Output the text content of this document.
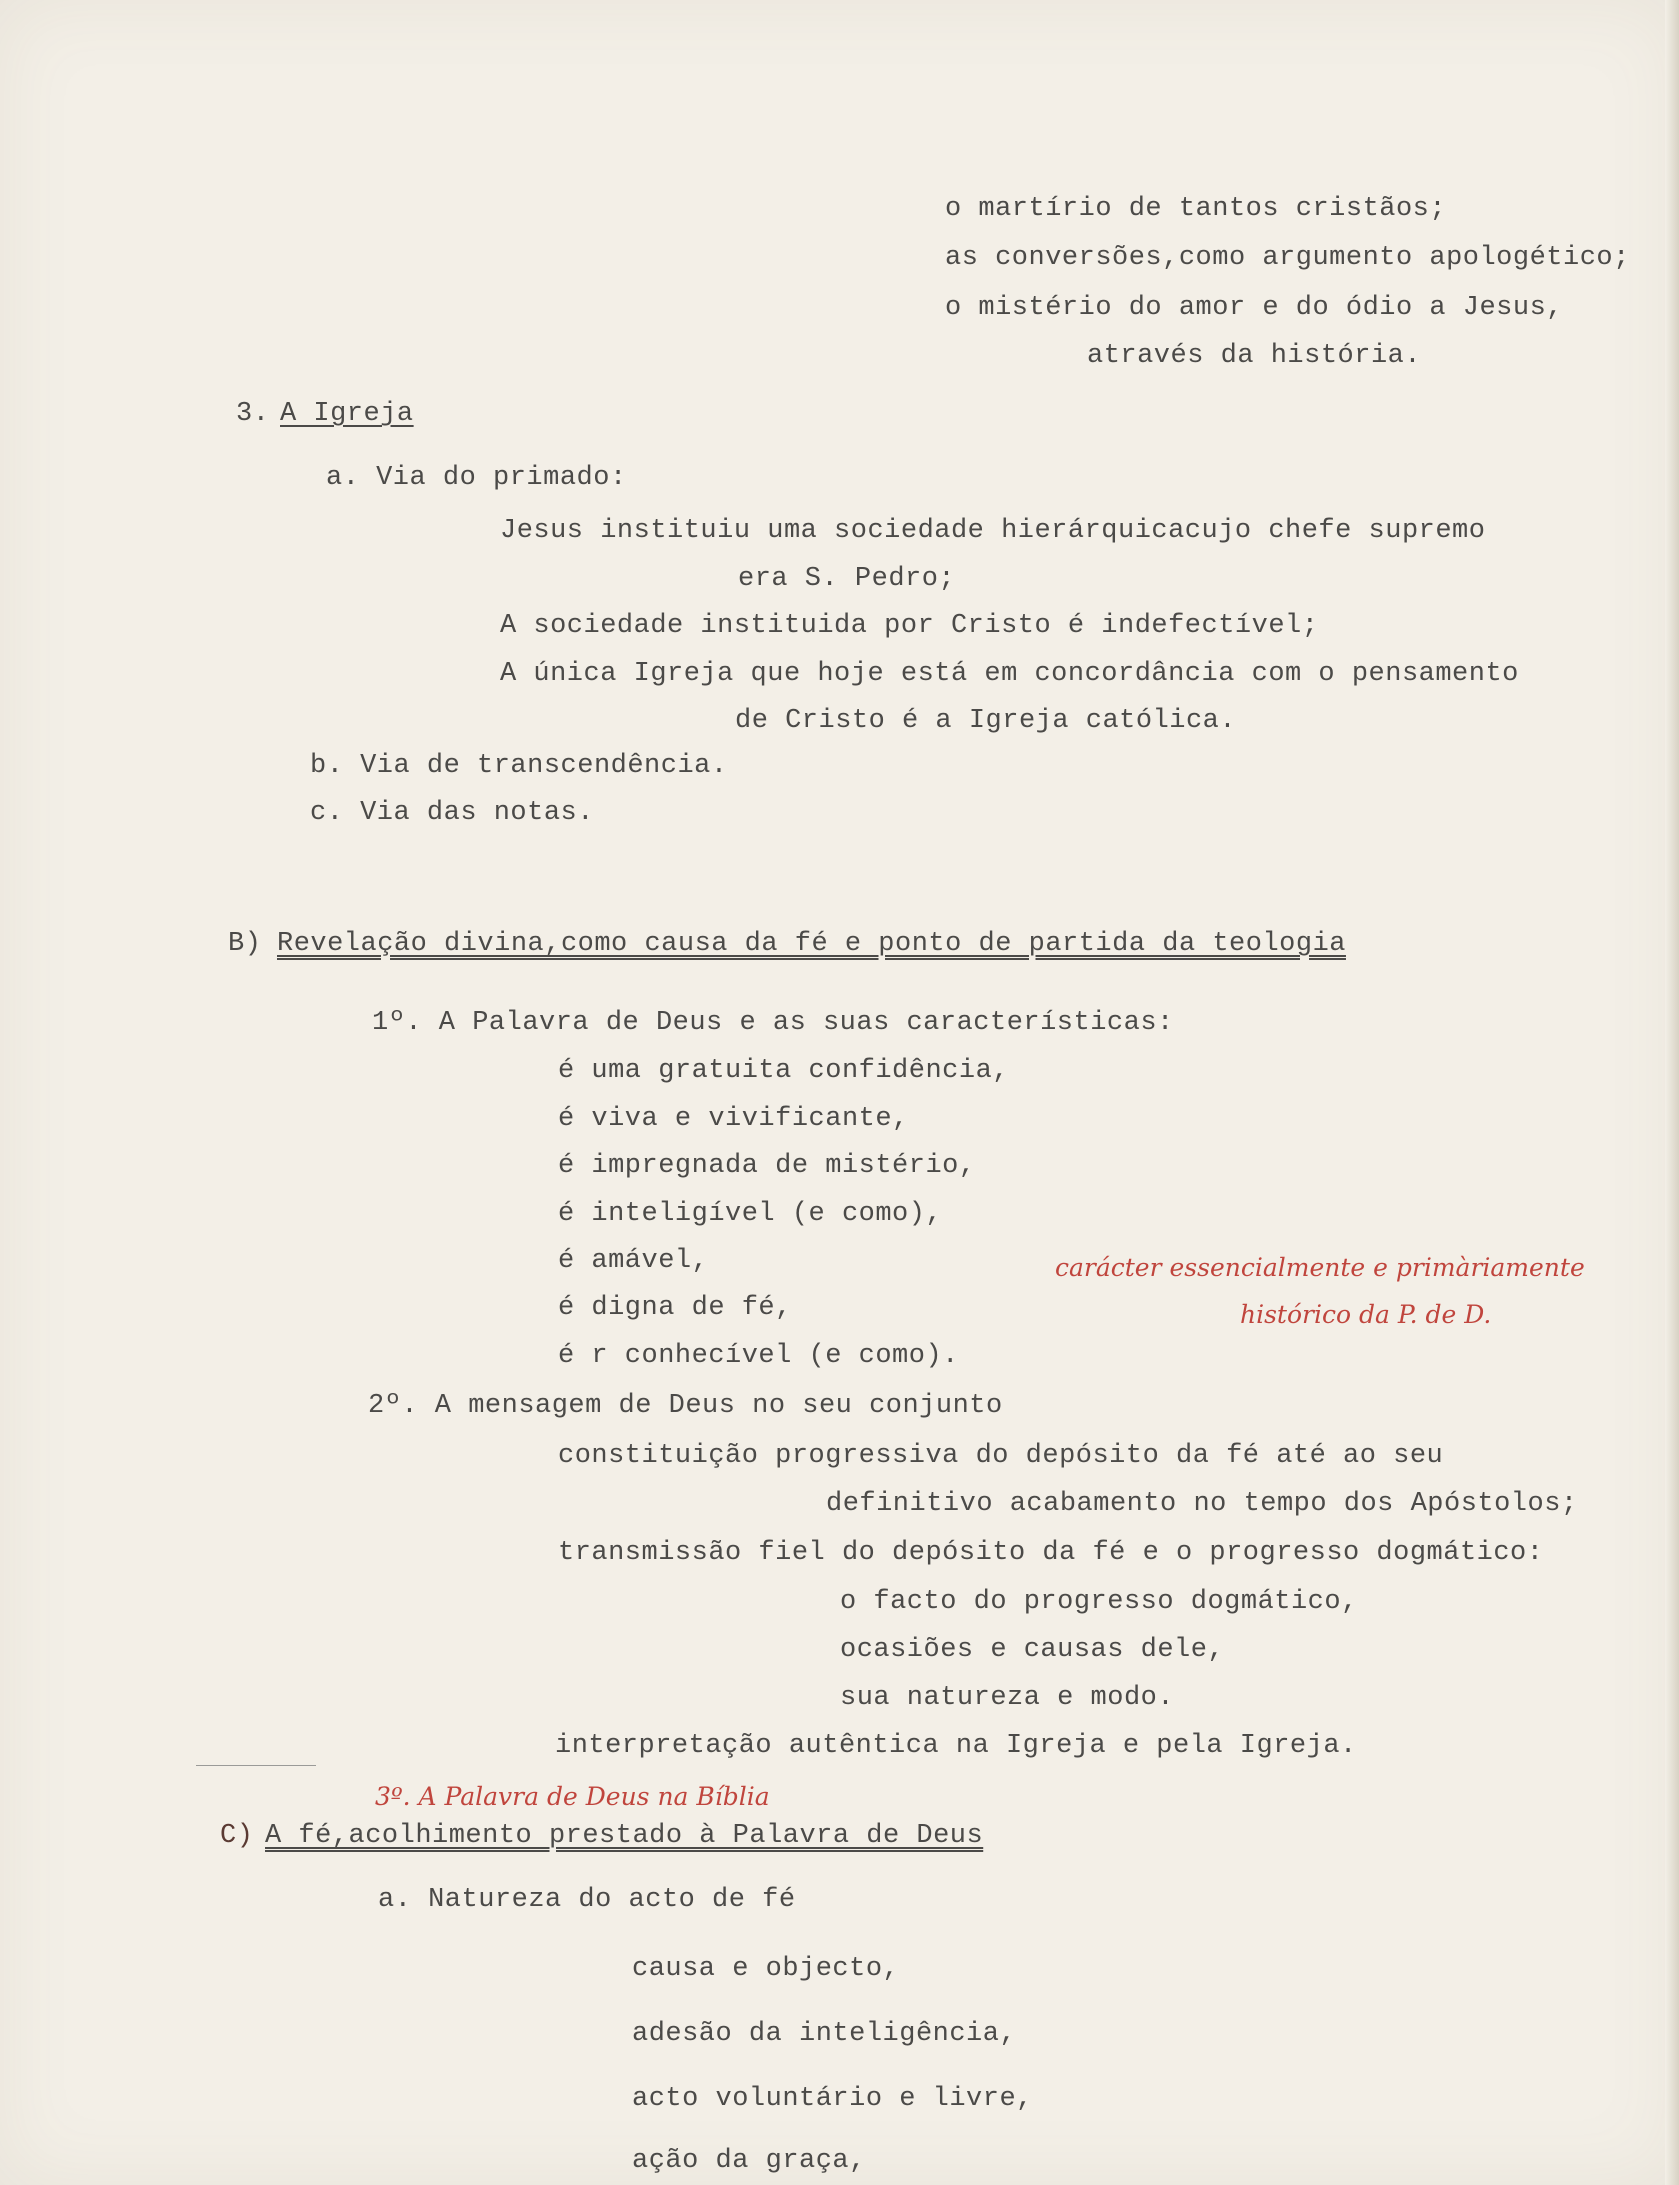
o martírio de tantos cristãos;
as conversões,como argumento apologético;
o mistério do amor e do ódio a Jesus,
através da história.
3. A Igreja
a. Via do primado:
Jesus instituiu uma sociedade hierárquicacujo chefe supremo
era S. Pedro;
A sociedade instituida por Cristo é indefectível;
A única Igreja que hoje está em concordância com o pensamento
de Cristo é a Igreja católica.
b. Via de transcendência.
c. Via das notas.
B) Revelação divina,como causa da fé e ponto de partida da teologia
1º. A Palavra de Deus e as suas características:
é uma gratuita confidência,
é viva e vivificante,
é impregnada de mistério,
é inteligível (e como),
é amável,
é digna de fé,
é r conhecível (e como).
carácter essencialmente e primàriamente
histórico da P. de D.
2º. A mensagem de Deus no seu conjunto
constituição progressiva do depósito da fé até ao seu
definitivo acabamento no tempo dos Apóstolos;
transmissão fiel do depósito da fé e o progresso dogmático:
o facto do progresso dogmático,
ocasiões e causas dele,
sua natureza e modo.
interpretação autêntica na Igreja e pela Igreja.
3º. A Palavra de Deus na Bíblia
C) A fé,acolhimento prestado à Palavra de Deus
a. Natureza do acto de fé
causa e objecto,
adesão da inteligência,
acto voluntário e livre,
ação da graça,
